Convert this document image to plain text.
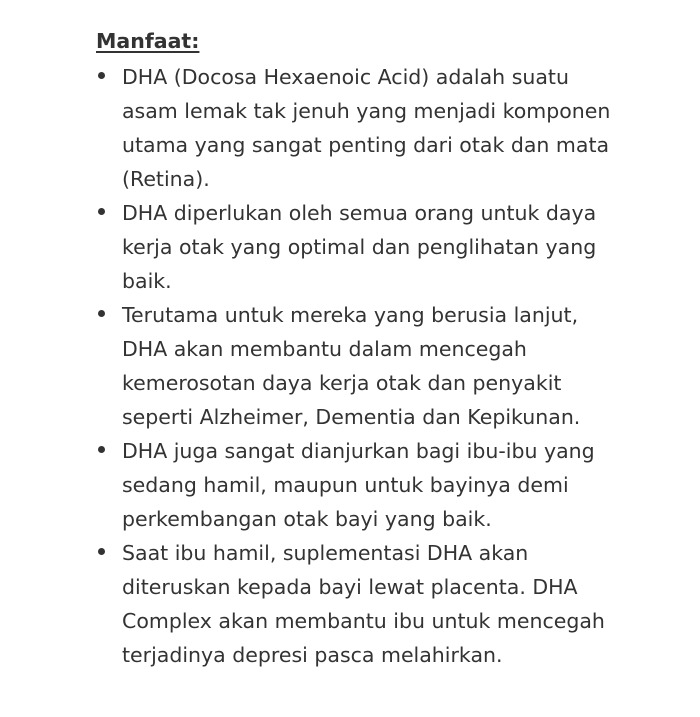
Manfaat:
DHA (Docosa Hexaenoic Acid) adalah suatu asam lemak tak jenuh yang menjadi komponen utama yang sangat penting dari otak dan mata (Retina).
DHA diperlukan oleh semua orang untuk daya kerja otak yang optimal dan penglihatan yang baik.
Terutama untuk mereka yang berusia lanjut, DHA akan membantu dalam mencegah kemerosotan daya kerja otak dan penyakit seperti Alzheimer, Dementia dan Kepikunan.
DHA juga sangat dianjurkan bagi ibu-ibu yang sedang hamil, maupun untuk bayinya demi perkembangan otak bayi yang baik.
Saat ibu hamil, suplementasi DHA akan diteruskan kepada bayi lewat placenta. DHA Complex akan membantu ibu untuk mencegah terjadinya depresi pasca melahirkan.
